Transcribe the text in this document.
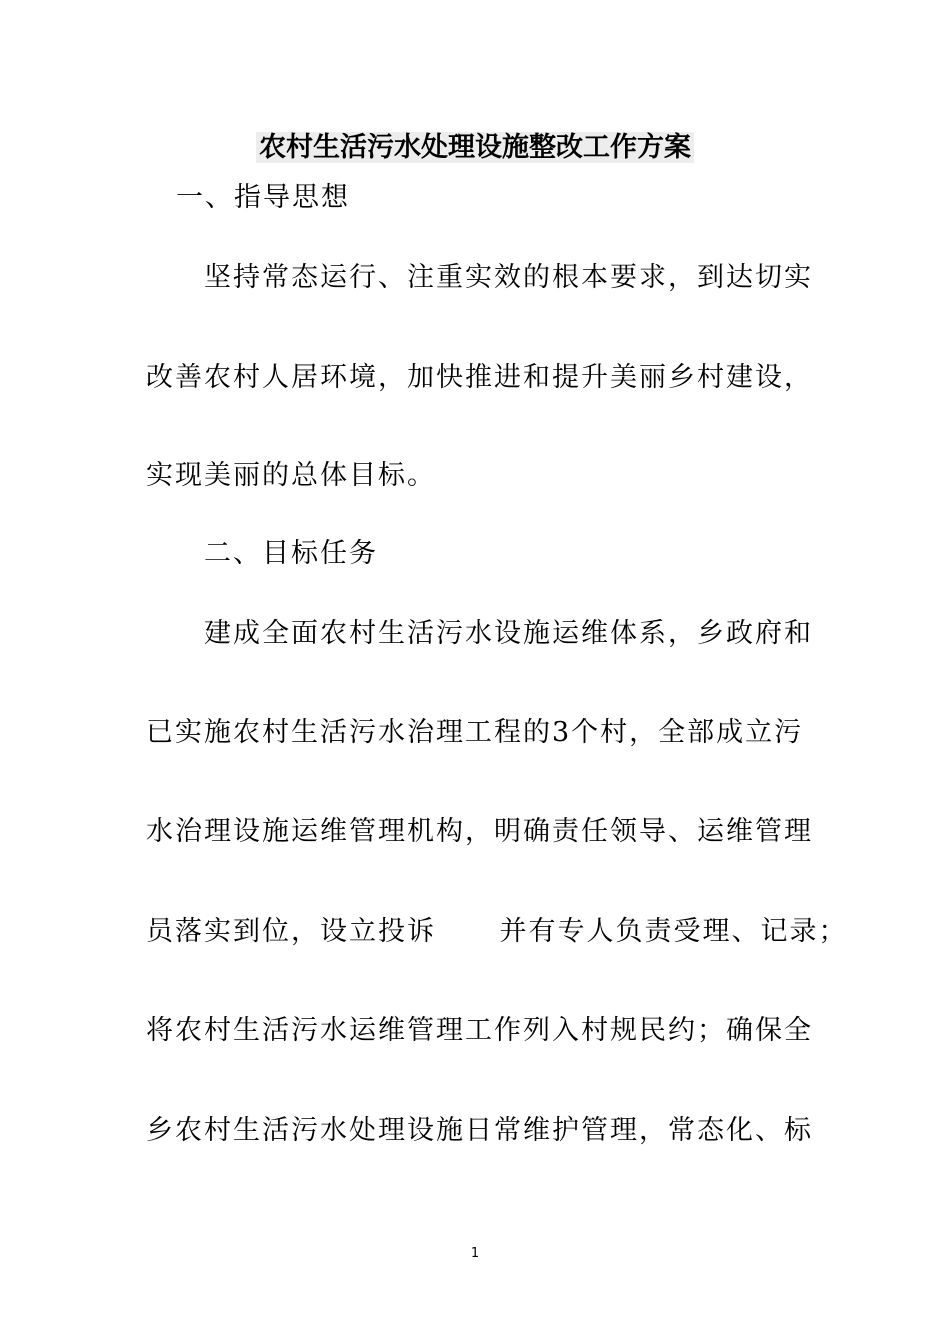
农村生活污水处理设施整改工作方案
一、指导思想
坚持常态运行、注重实效的根本要求，到达切实
改善农村人居环境，加快推进和提升美丽乡村建设，
实现美丽的总体目标。
二、目标任务
建成全面农村生活污水设施运维体系，乡政府和
已实施农村生活污水治理工程的3个村，全部成立污
水治理设施运维管理机构，明确责任领导、运维管理
员落实到位，设立投诉      并有专人负责受理、记录；
将农村生活污水运维管理工作列入村规民约；确保全
乡农村生活污水处理设施日常维护管理，常态化、标
1
